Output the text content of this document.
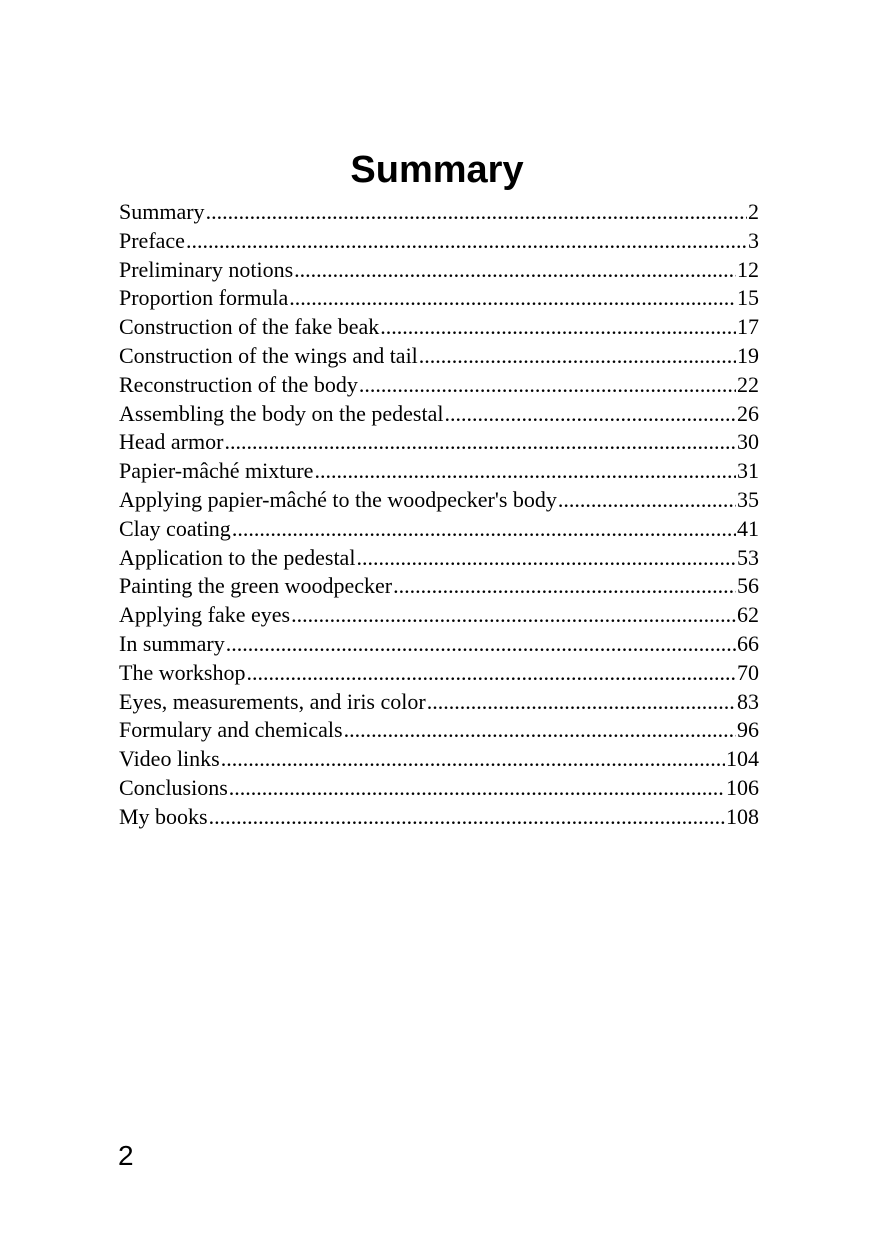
Summary
Summary .....	2
Preface .....	3
Preliminary notions .....	12
Proportion formula .....	15
Construction of the fake beak .....	17
Construction of the wings and tail .....	19
Reconstruction of the body .....	22
Assembling the body on the pedestal .....	26
Head armor .....	30
Papier-mâché mixture .....	31
Applying papier-mâché to the woodpecker's body .....	35
Clay coating .....	41
Application to the pedestal .....	53
Painting the green woodpecker .....	56
Applying fake eyes .....	62
In summary .....	66
The workshop .....	70
Eyes, measurements, and iris color .....	83
Formulary and chemicals .....	96
Video links .....	104
Conclusions .....	106
My books .....	108
2
